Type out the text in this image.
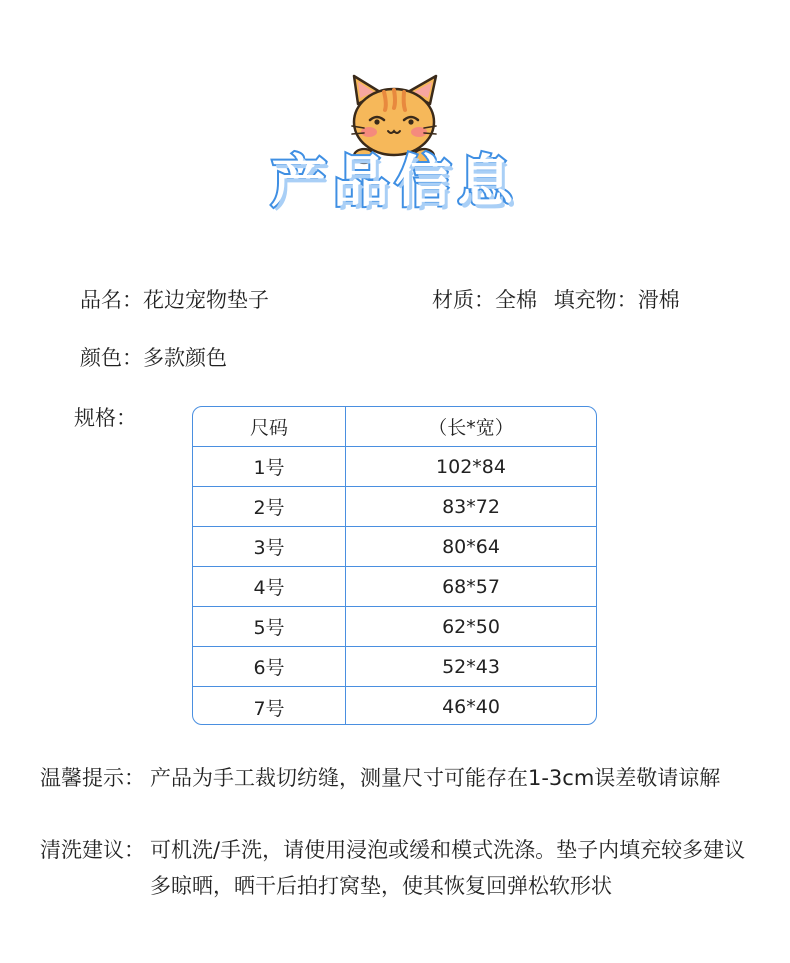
产品信息
品名：花边宠物垫子	材质：全棉 填充物：滑棉
颜色：多款颜色
规格：	尺码	（长*宽）
1号	102*84
2号	83*72
3号	80*64
4号	68*57
5号	62*50
6号	52*43
7号	46*40
温馨提示： 产品为手工裁切纺缝，测量尺寸可能存在1-3cm误差敬请谅解
清洗建议： 可机洗/手洗，请使用浸泡或缓和模式洗涤。垫子内填充较多建议多晾晒，晒干后拍打窝垫，使其恢复回弹松软形状
